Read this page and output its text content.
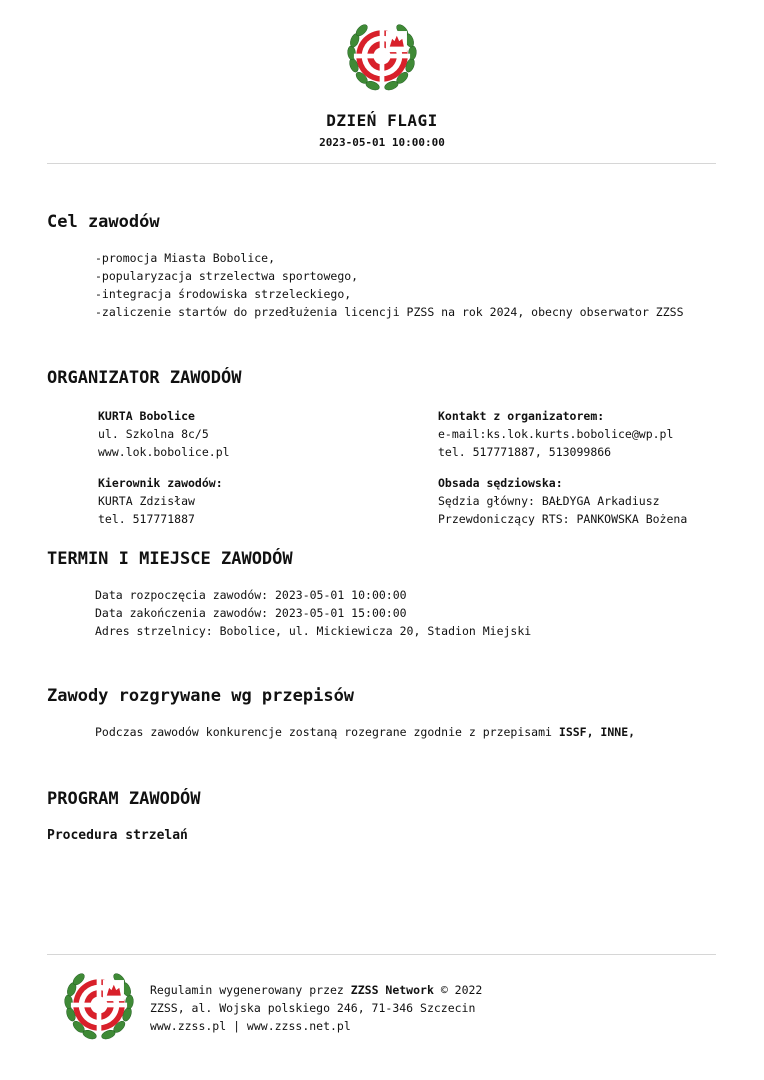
DZIEŃ FLAGI
2023-05-01 10:00:00
Cel zawodów
-promocja Miasta Bobolice,
-popularyzacja strzelectwa sportowego,
-integracja środowiska strzeleckiego,
-zaliczenie startów do przedłużenia licencji PZSS na rok 2024, obecny obserwator ZZSS
ORGANIZATOR ZAWODÓW
KURTA Bobolice
ul. Szkolna 8c/5
www.lok.bobolice.pl
Kierownik zawodów:
KURTA Zdzisław
tel. 517771887
Kontakt z organizatorem:
e-mail:ks.lok.kurts.bobolice@wp.pl
tel. 517771887, 513099866
Obsada sędziowska:
Sędzia główny: BAŁDYGA Arkadiusz
Przewdoniczący RTS: PANKOWSKA Bożena
TERMIN I MIEJSCE ZAWODÓW
Data rozpoczęcia zawodów: 2023-05-01 10:00:00
Data zakończenia zawodów: 2023-05-01 15:00:00
Adres strzelnicy: Bobolice, ul. Mickiewicza 20, Stadion Miejski
Zawody rozgrywane wg przepisów
Podczas zawodów konkurencje zostaną rozegrane zgodnie z przepisami ISSF, INNE,
PROGRAM ZAWODÓW
Procedura strzelań
Regulamin wygenerowany przez ZZSS Network © 2022
ZZSS, al. Wojska polskiego 246, 71-346 Szczecin
www.zzss.pl | www.zzss.net.pl
